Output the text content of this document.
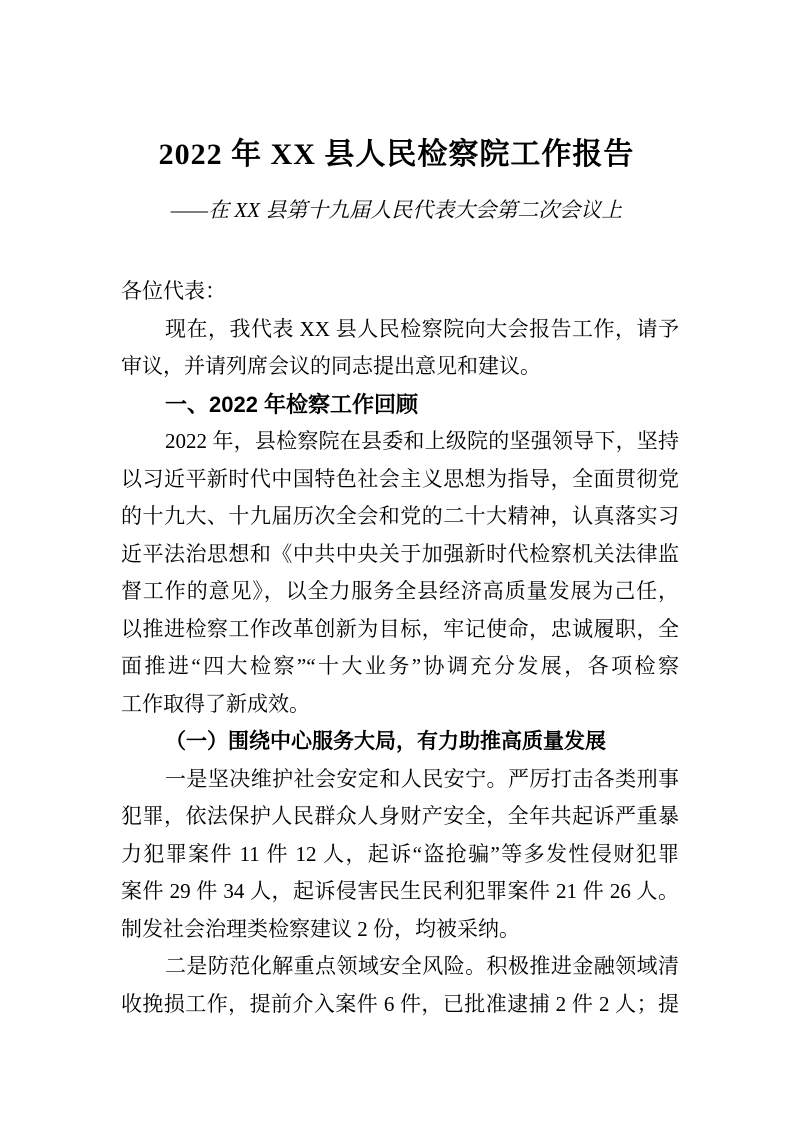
2022 年 XX 县人民检察院工作报告
——在 XX 县第十九届人民代表大会第二次会议上
各位代表：
现在，我代表 XX 县人民检察院向大会报告工作，请予
审议，并请列席会议的同志提出意见和建议。
一、2022 年检察工作回顾
2022 年，县检察院在县委和上级院的坚强领导下，坚持
以习近平新时代中国特色社会主义思想为指导，全面贯彻党
的十九大、十九届历次全会和党的二十大精神，认真落实习
近平法治思想和《中共中央关于加强新时代检察机关法律监
督工作的意见》，以全力服务全县经济高质量发展为己任，
以推进检察工作改革创新为目标，牢记使命，忠诚履职，全
面推进“四大检察”“十大业务”协调充分发展，各项检察
工作取得了新成效。
（一）围绕中心服务大局，有力助推高质量发展
一是坚决维护社会安定和人民安宁。严厉打击各类刑事
犯罪，依法保护人民群众人身财产安全，全年共起诉严重暴
力犯罪案件 11 件 12 人，起诉“盗抢骗”等多发性侵财犯罪
案件 29 件 34 人，起诉侵害民生民利犯罪案件 21 件 26 人。
制发社会治理类检察建议 2 份，均被采纳。
二是防范化解重点领域安全风险。积极推进金融领域清
收挽损工作，提前介入案件 6 件，已批准逮捕 2 件 2 人；提
